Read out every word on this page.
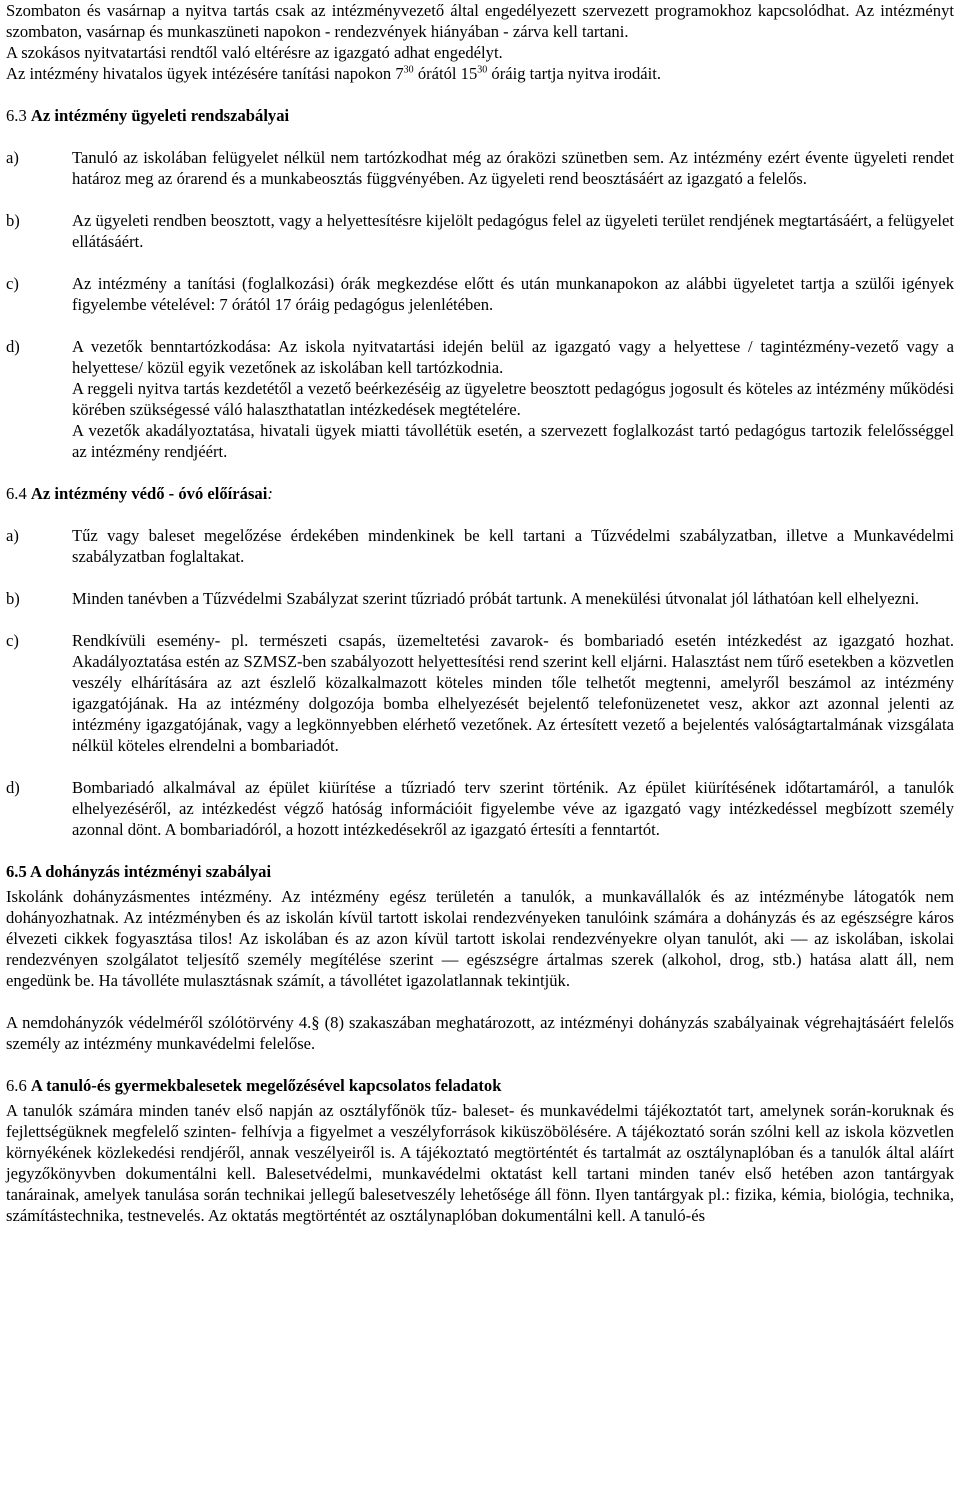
Szombaton és vasárnap a nyitva tartás csak az intézményvezető által engedélyezett szervezett programokhoz kapcsolódhat. Az intézményt szombaton, vasárnap és munkaszüneti napokon - rendezvények hiányában - zárva kell tartani.

A szokásos nyitvatartási rendtől való eltérésre az igazgató adhat engedélyt.

Az intézmény hivatalos ügyek intézésére tanítási napokon $7^{30}$ órától $15^{30}$ óráig tartja nyitva irodáit.

6.3 Az intézmény ügyeleti rendszabályai
a)	Tanuló az iskolában felügyelet nélkül nem tartózkodhat még az óraközi szünetben sem. Az intézmény ezért évente ügyeleti rendet határoz meg az órarend és a munkabeosztás függvényében. Az ügyeleti rend beosztásáért az igazgató a felelős.
b)	Az ügyeleti rendben beosztott, vagy a helyettesítésre kijelölt pedagógus felel az ügyeleti terület rendjének megtartásáért, a felügyelet ellátásáért.
c)	Az intézmény a tanítási (foglalkozási) órák megkezdése előtt és után munkanapokon az alábbi ügyeletet tartja a szülői igények figyelembe vételével: 7 órától 17 óráig pedagógus jelenlétében.
d)	A vezetők benntartózkodása: Az iskola nyitvatartási idején belül az igazgató vagy a helyettese / tagintézmény-vezető vagy a helyettese/ közül egyik vezetőnek az iskolában kell tartózkodnia.

A reggeli nyitva tartás kezdetétől a vezető beérkezéséig az ügyeletre beosztott pedagógus jogosult és köteles az intézmény működési körében szükségessé váló halaszthatatlan intézkedések megtételére.

A vezetők akadályoztatása, hivatali ügyek miatti távollétük esetén, a szervezett foglalkozást tartó pedagógus tartozik felelősséggel az intézmény rendjéért.

6.4 Az intézmény védő - óvó előírásai:
a)	Tűz vagy baleset megelőzése érdekében mindenkinek be kell tartani a Tűzvédelmi szabályzatban, illetve a Munkavédelmi szabályzatban foglaltakat.
b)	Minden tanévben a Tűzvédelmi Szabályzat szerint tűzriadó próbát tartunk. A menekülési útvonalat jól láthatóan kell elhelyezni.
c)	Rendkívüli esemény- pl. természeti csapás, üzemeltetési zavarok- és bombariadó esetén intézkedést az igazgató hozhat. Akadályoztatása estén az SZMSZ-ben szabályozott helyettesítési rend szerint kell eljárni. Halasztást nem tűrő esetekben a közvetlen veszély elhárítására az azt észlelő közalkalmazott köteles minden tőle telhetőt megtenni, amelyről beszámol az intézmény igazgatójának. Ha az intézmény dolgozója bomba elhelyezését bejelentő telefonüzenetet vesz, akkor azt azonnal jelenti az intézmény igazgatójának, vagy a legkönnyebben elérhető vezetőnek. Az értesített vezető a bejelentés valóságtartalmának vizsgálata nélkül köteles elrendelni a bombariadót.
d)	Bombariadó alkalmával az épület kiürítése a tűzriadó terv szerint történik. Az épület kiürítésének időtartamáról, a tanulók elhelyezéséről, az intézkedést végző hatóság információit figyelembe véve az igazgató vagy intézkedéssel megbízott személy azonnal dönt. A bombariadóról, a hozott intézkedésekről az igazgató értesíti a fenntartót.
6.5 A dohányzás intézményi szabályai

Iskolánk dohányzásmentes intézmény. Az intézmény egész területén a tanulók, a munkavállalók és az intézménybe látogatók nem dohányozhatnak. Az intézményben és az iskolán kívül tartott iskolai rendezvényeken tanulóink számára a dohányzás és az egészségre káros élvezeti cikkek fogyasztása tilos! Az iskolában és az azon kívül tartott iskolai rendezvényekre olyan tanulót, aki — az iskolában, iskolai rendezvényen szolgálatot teljesítő személy megítélése szerint — egészségre ártalmas szerek (alkohol, drog, stb.) hatása alatt áll, nem engedünk be. Ha távolléte mulasztásnak számít, a távollétet igazolatlannak tekintjük.

A nemdohányzók védelméről szólótörvény 4.§ (8) szakaszában meghatározott, az intézményi dohányzás szabályainak végrehajtásáért felelős személy az intézmény munkavédelmi felelőse.

6.6 A tanuló-és gyermekbalesetek megelőzésével kapcsolatos feladatok

A tanulók számára minden tanév első napján az osztályfőnök tűz- baleset- és munkavédelmi tájékoztatót tart, amelynek során-koruknak és fejlettségüknek megfelelő szinten- felhívja a figyelmet a veszélyforrások kiküszöbölésére. A tájékoztató során szólni kell az iskola közvetlen környékének közlekedési rendjéről, annak veszélyeiről is. A tájékoztató megtörténtét és tartalmát az osztálynaplóban és a tanulók által aláírt jegyzőkönyvben dokumentálni kell. Balesetvédelmi, munkavédelmi oktatást kell tartani minden tanév első hetében azon tantárgyak tanárainak, amelyek tanulása során technikai jellegű balesetveszély lehetősége áll fönn. Ilyen tantárgyak pl.: fizika, kémia, biológia, technika, számítástechnika, testnevelés. Az oktatás megtörténtét az osztálynaplóban dokumentálni kell. A tanuló-és
